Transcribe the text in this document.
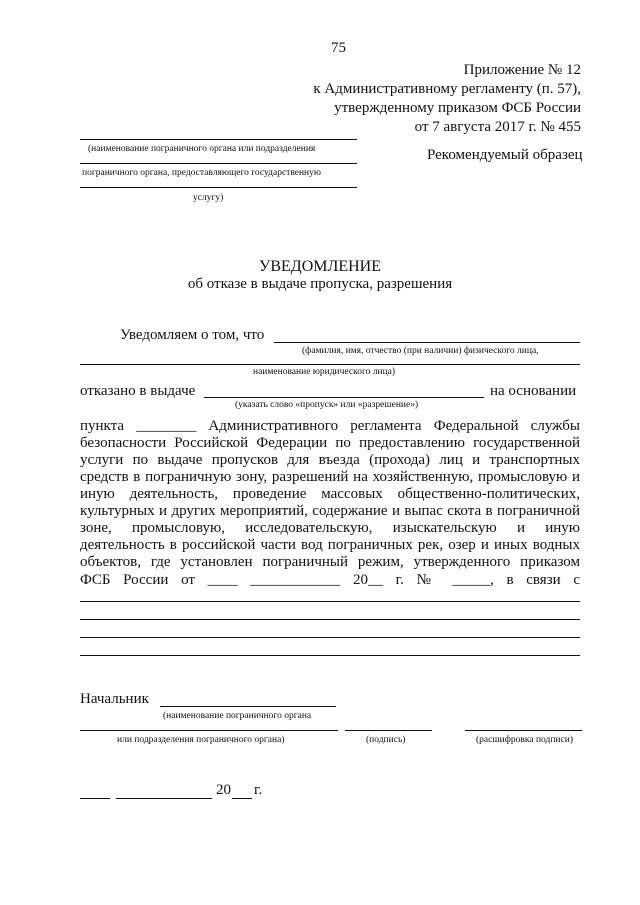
75
Приложение № 12
к Административному регламенту (п. 57),
утвержденному приказом ФСБ России
от 7 августа 2017 г. № 455
(наименование пограничного органа или подразделения
пограничного органа, предоставляющего государственную
услугу)
Рекомендуемый образец
УВЕДОМЛЕНИЕ
об отказе в выдаче пропуска, разрешения
Уведомляем о том, что
(фамилия, имя, отчество (при наличии) физического лица,
наименование юридического лица)
отказано в выдаче	на основании
(указать слово «пропуск» или «разрешение»)
пункта ________ Административного регламента Федеральной службы
безопасности Российской Федерации по предоставлению государственной
услуги по выдаче пропусков для въезда (прохода) лиц и транспортных
средств в пограничную зону, разрешений на хозяйственную, промысловую и
иную деятельность, проведение массовых общественно-политических,
культурных и других мероприятий, содержание и выпас скота в пограничной
зоне, промысловую, исследовательскую, изыскательскую и иную
деятельность в российской части вод пограничных рек, озер и иных водных
объектов, где установлен пограничный режим, утвержденного приказом
ФСБ России от ____ ____________ 20__ г. № _____, в связи с
Начальник
(наименование пограничного органа
или подразделения пограничного органа)	(подпись)	(расшифровка подписи)
20 г.
